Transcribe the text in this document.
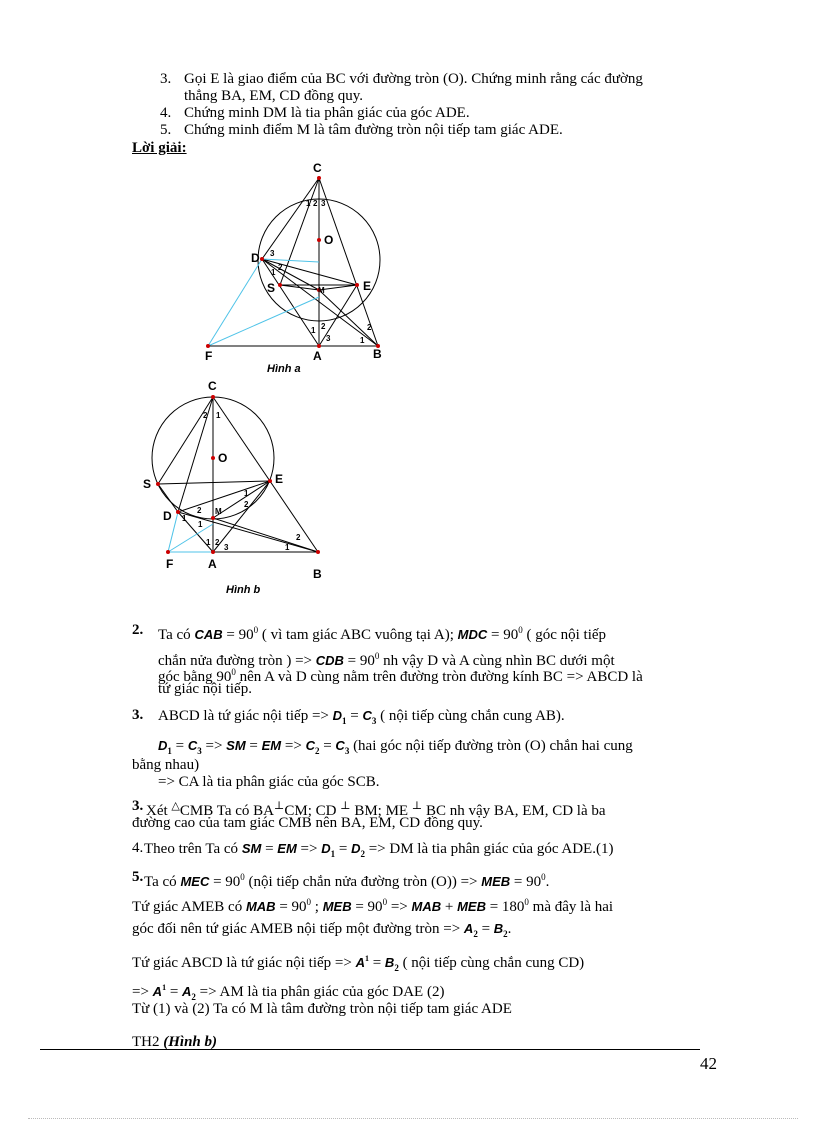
3. Gọi E là giao điểm của BC với đường tròn (O). Chứng minh rằng các đường
thẳng BA, EM, CD đồng quy.
4. Chứng minh DM là tia phân giác của góc ADE.
5. Chứng minh điểm M là tâm đường tròn nội tiếp tam giác ADE.
Lời giải:
C
O
D
S	M	E
F	A	B
1 2 3
3
1
2
1 2
3
2
1
Hình a
C
O
S	E
D	M
F	A
B
2 1
1
2
2
1
1
1 2
3
2
1
Hình b
2. Ta có CAB = $90^0$ ( vì tam giác ABC vuông tại A); MDC = $90^0$ ( góc nội tiếp
chắn nửa đường tròn ) => CDB = $90^0$ nh vậy D và A cùng nhìn BC dưới một
góc bằng $90^0$ nên A và D cùng nằm trên đường tròn đường kính BC => ABCD là
tứ giác nội tiếp.
3. ABCD là tứ giác nội tiếp => $D_1 = C_3$ ( nội tiếp cùng chắn cung AB).
$D_1 = C_3$ => SM = EM => $C_2 = C_3$ (hai góc nội tiếp đường tròn (O) chắn hai cung
bằng nhau)
=> CA là tia phân giác của góc SCB.
3. Xét △CMB Ta có BA⊥CM; CD ⊥ BM; ME ⊥ BC nh vậy BA, EM, CD là ba
đường cao của tam giác CMB nên BA, EM, CD đồng quy.
4. Theo trên Ta có SM = EM => $D_1 = D_2$ => DM là tia phân giác của góc ADE.(1)
5. Ta có MEC = $90^0$ (nội tiếp chắn nửa đường tròn (O)) => MEB = $90^0$.
Tứ giác AMEB có MAB = $90^0$ ; MEB = $90^0$ => MAB + MEB = $180^0$ mà đây là hai
góc đối nên tứ giác AMEB nội tiếp một đường tròn => $A_2 = B_2$.
Tứ giác ABCD là tứ giác nội tiếp => $A^1 = B_2$ ( nội tiếp cùng chắn cung CD)
=> $A^1 = A_2$ => AM là tia phân giác của góc DAE (2)
Từ (1) và (2) Ta có M là tâm đường tròn nội tiếp tam giác ADE
TH2 (Hình b)
42
